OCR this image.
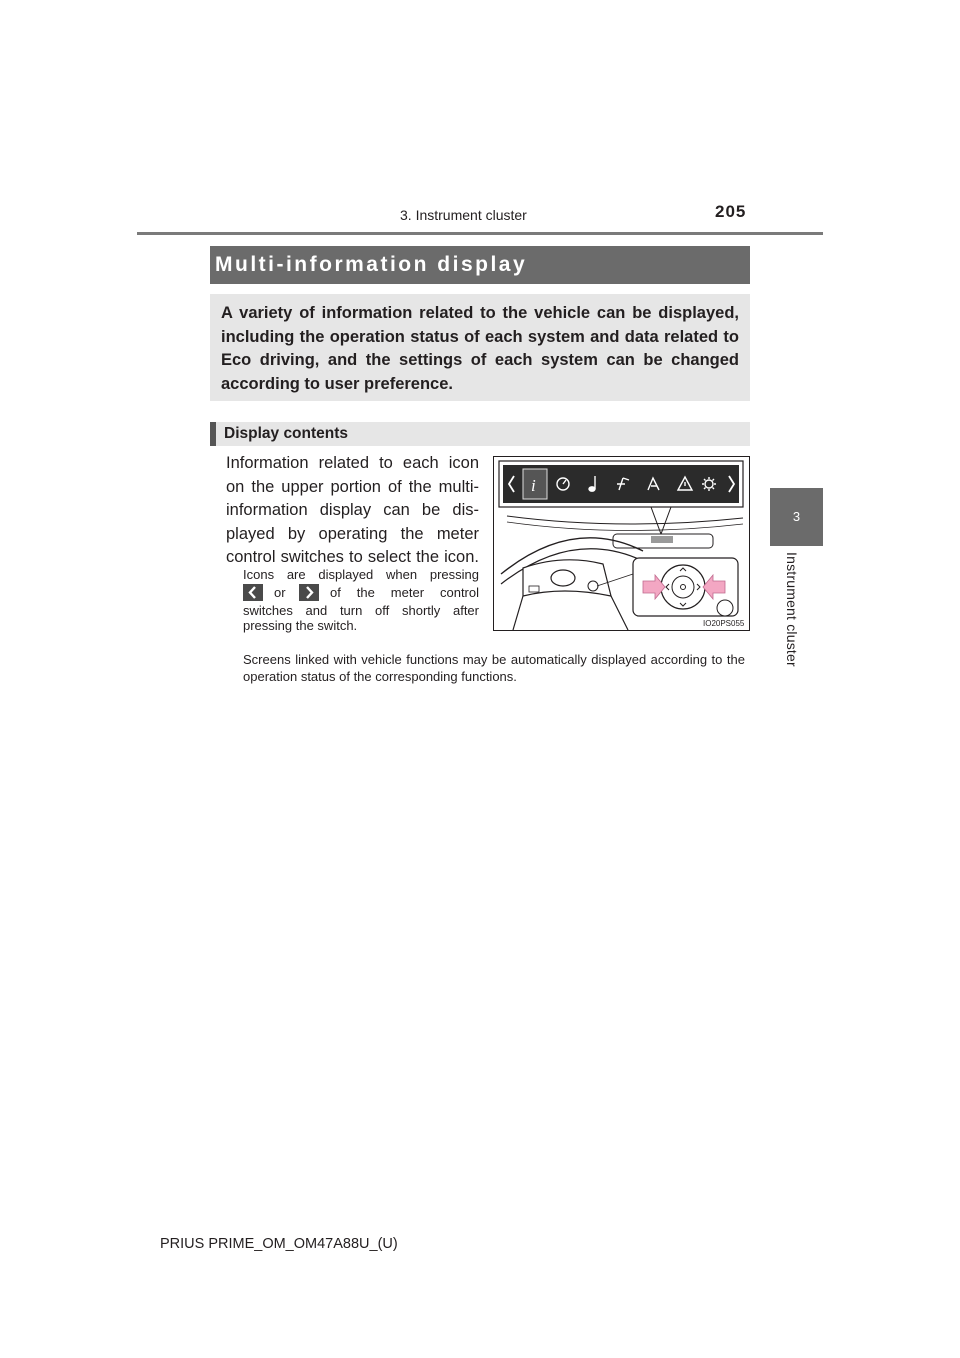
3. Instrument cluster	205
3
Instrument cluster
Multi-information display
A variety of information related to the vehicle can be displayed, including the operation status of each system and data related to Eco driving, and the settings of each system can be changed according to user preference.
Display contents
Information related to each icon
on the upper portion of the multi-
information display can be dis-
played by operating the meter
control switches to select the icon.
Icons are displayed when pressing
or	of the meter control
switches and turn off shortly after
pressing the switch.
Screens linked with vehicle functions may be automatically displayed according to the operation status of the corresponding functions.
i
IO20PS055
PRIUS PRIME_OM_OM47A88U_(U)
